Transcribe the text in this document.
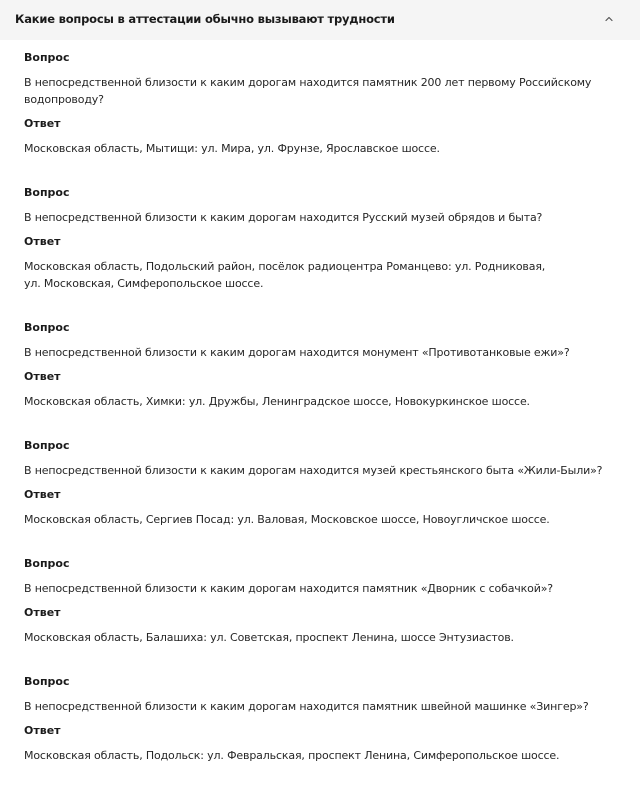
Какие вопросы в аттестации обычно вызывают трудности
Вопрос
В непосредственной близости к каким дорогам находится памятник 200 лет первому Российскому
водопроводу?
Ответ
Московская область, Мытищи: ул. Мира, ул. Фрунзе, Ярославское шоссе.
Вопрос
В непосредственной близости к каким дорогам находится Русский музей обрядов и быта?
Ответ
Московская область, Подольский район, посёлок радиоцентра Романцево: ул. Родниковая,
ул. Московская, Симферопольское шоссе.
Вопрос
В непосредственной близости к каким дорогам находится монумент «Противотанковые ежи»?
Ответ
Московская область, Химки: ул. Дружбы, Ленинградское шоссе, Новокуркинское шоссе.
Вопрос
В непосредственной близости к каким дорогам находится музей крестьянского быта «Жили-Были»?
Ответ
Московская область, Сергиев Посад: ул. Валовая, Московское шоссе, Новоугличское шоссе.
Вопрос
В непосредственной близости к каким дорогам находится памятник «Дворник с собачкой»?
Ответ
Московская область, Балашиха: ул. Советская, проспект Ленина, шоссе Энтузиастов.
Вопрос
В непосредственной близости к каким дорогам находится памятник швейной машинке «Зингер»?
Ответ
Московская область, Подольск: ул. Февральская, проспект Ленина, Симферопольское шоссе.
